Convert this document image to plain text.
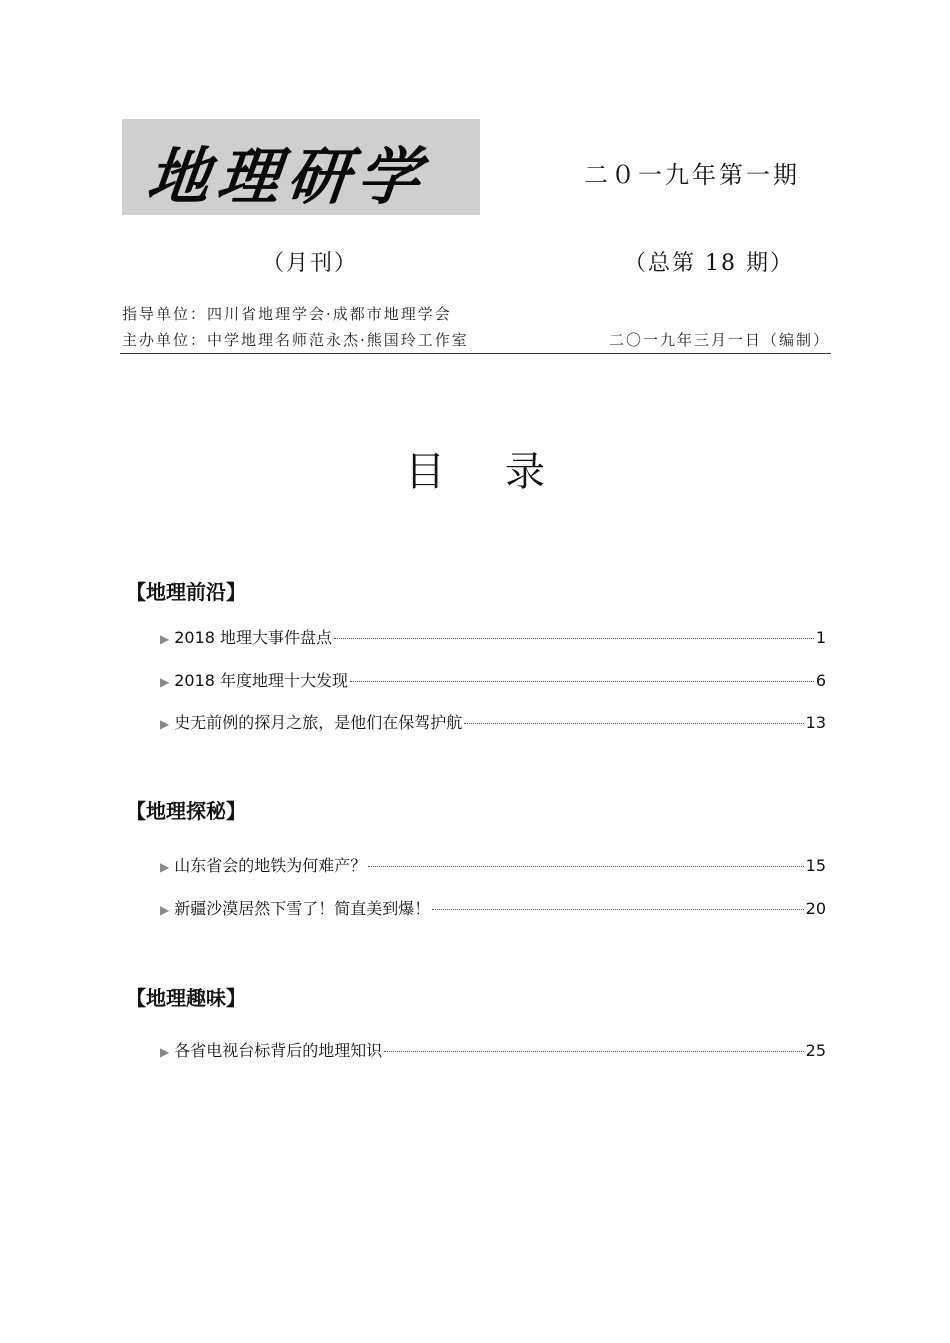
地理研学	二０一九年第一期
（月刊）	（总第 18 期）
指导单位：四川省地理学会·成都市地理学会
主办单位：中学地理名师范永杰·熊国玲工作室	二〇一九年三月一日（编制）
目录
【地理前沿】
▶ 2018 地理大事件盘点	1
▶ 2018 年度地理十大发现	6
▶ 史无前例的探月之旅，是他们在保驾护航	13
【地理探秘】
▶ 山东省会的地铁为何难产？	15
▶ 新疆沙漠居然下雪了！简直美到爆！	20
【地理趣味】
▶ 各省电视台标背后的地理知识	25
